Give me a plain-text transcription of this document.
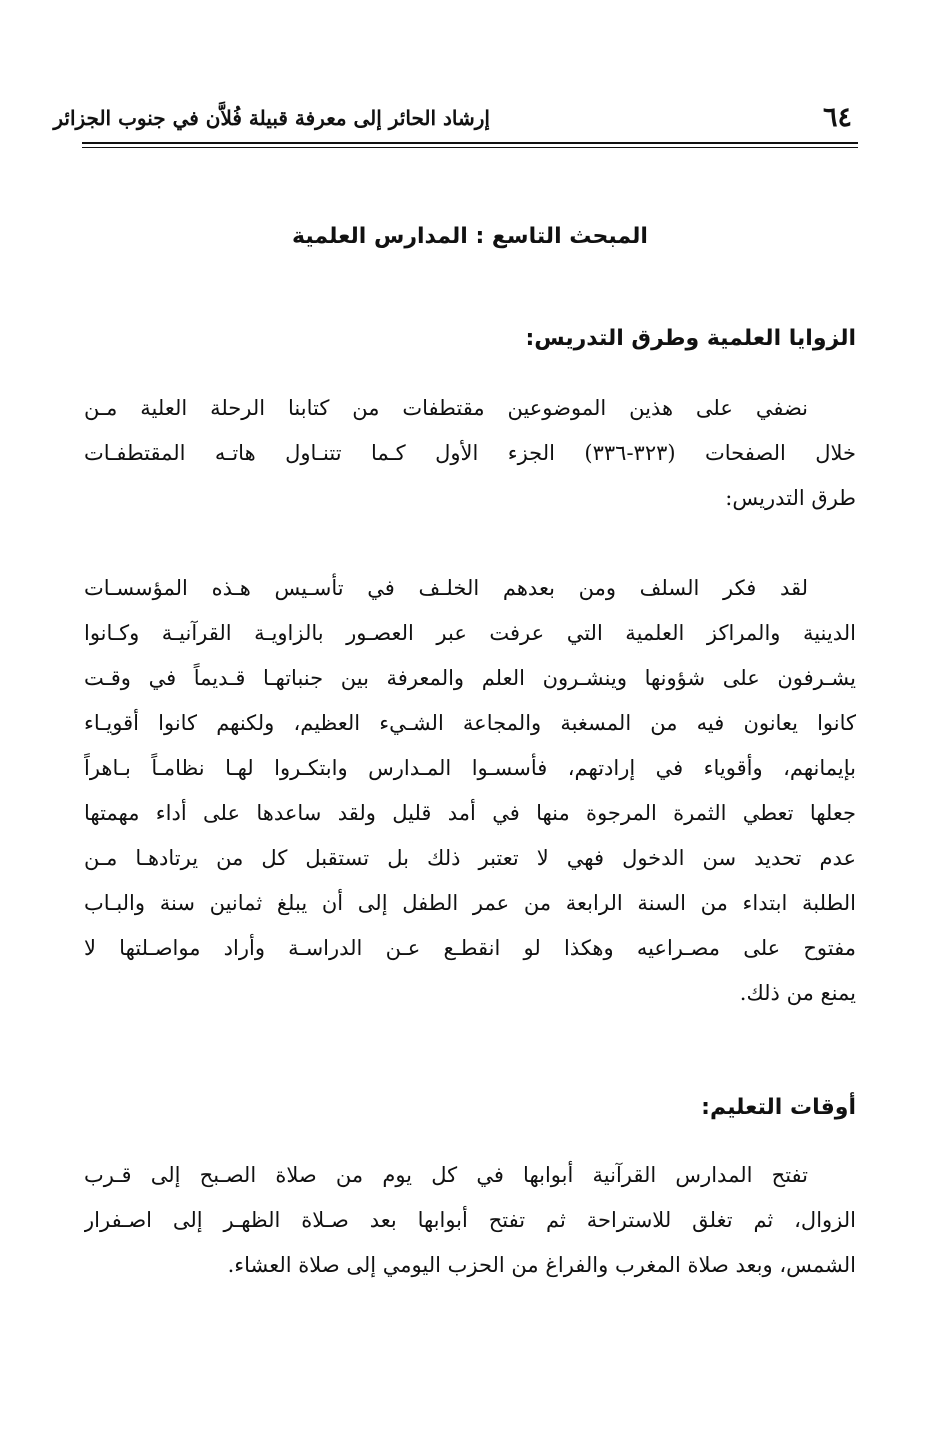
٦٤
إرشاد الحائر إلى معرفة قبيلة فُلاَّن في جنوب الجزائر
المبحث التاسع : المدارس العلمية
الزوايا العلمية وطرق التدريس:
نضفي على هذين الموضوعين مقتطفات من كتابنا الرحلة العلية مـن
خلال الصفحات (٣٢٣-٣٣٦) الجزء الأول كـما تتنـاول هاتـه المقتطفـات
طرق التدريس:
لقد فكر السلف ومن بعدهم الخلـف في تأسـيس هـذه المؤسسـات
الدينية والمراكز العلمية التي عرفت عبر العصـور بالزاويـة القرآنيـة وكـانوا
يشـرفون على شؤونها وينشـرون العلم والمعرفة بين جنباتهـا قـديماً في وقـت
كانوا يعانون فيه من المسغبة والمجاعة الشـيء العظيم، ولكنهم كانوا أقويـاء
بإيمانهم، وأقوياء في إرادتهم، فأسسـوا المـدارس وابتكـروا لهـا نظامـاً بـاهراً
جعلها تعطي الثمرة المرجوة منها في أمد قليل ولقد ساعدها على أداء مهمتها
عدم تحديد سن الدخول فهي لا تعتبر ذلك بل تستقبل كل من يرتادهـا مـن
الطلبة ابتداء من السنة الرابعة من عمر الطفل إلى أن يبلغ ثمانين سنة والبـاب
مفتوح على مصـراعيه وهكذا لو انقطـع عـن الدراسـة وأراد مواصـلتها لا
يمنع من ذلك.
أوقات التعليم:
تفتح المدارس القرآنية أبوابها في كل يوم من صلاة الصـبح إلى قـرب
الزوال، ثم تغلق للاستراحة ثم تفتح أبوابها بعد صـلاة الظهـر إلى اصـفرار
الشمس، وبعد صلاة المغرب والفراغ من الحزب اليومي إلى صلاة العشاء.
